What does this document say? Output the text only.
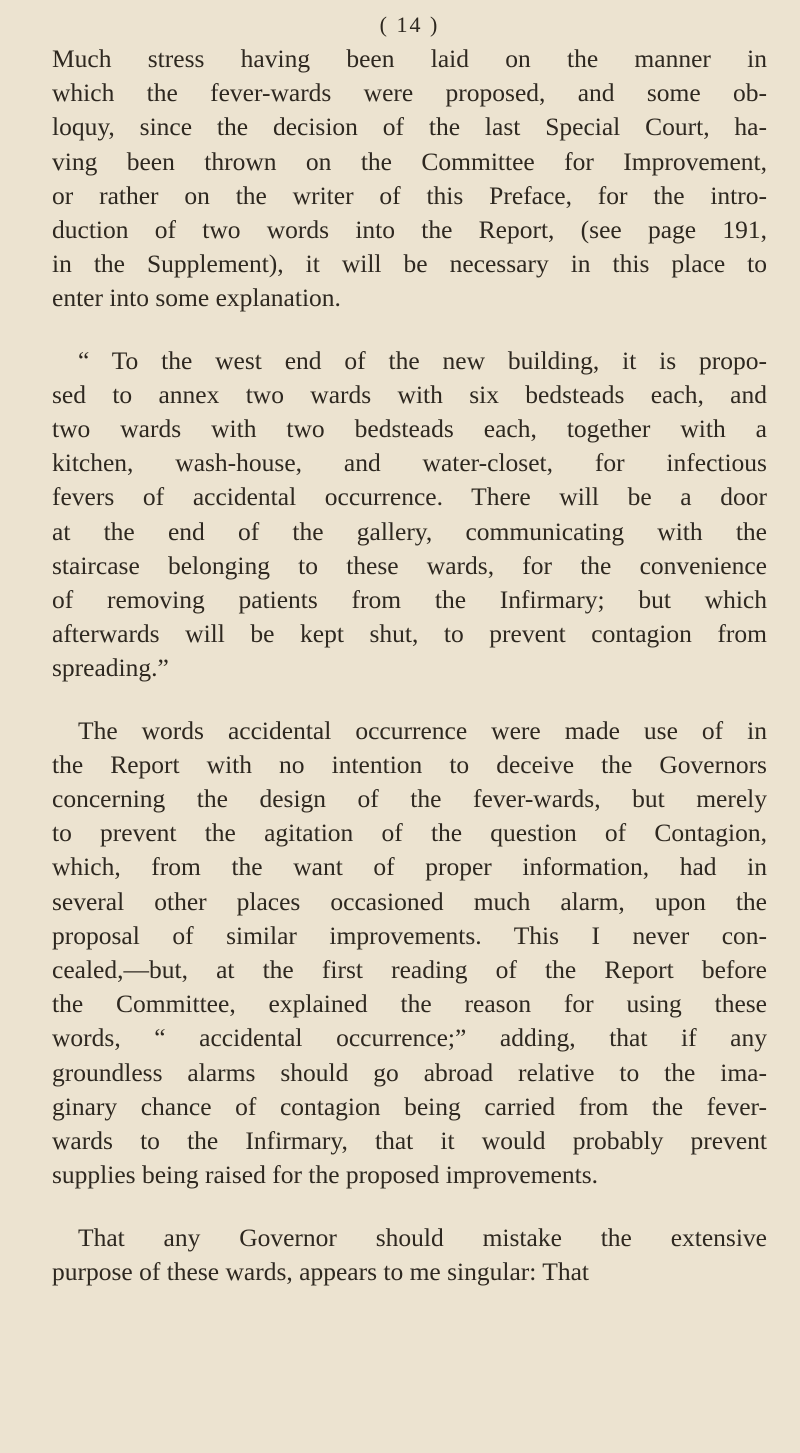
( 14 )
Much stress having been laid on the manner in
which the fever-wards were proposed, and some ob-
loquy, since the decision of the last Special Court, ha-
ving been thrown on the Committee for Improvement,
or rather on the writer of this Preface, for the intro-
duction of two words into the Report, (see page 191,
in the Supplement), it will be necessary in this place to
enter into some explanation.
“ To the west end of the new building, it is propo-
sed to annex two wards with six bedsteads each, and
two wards with two bedsteads each, together with a
kitchen, wash-house, and water-closet, for infectious
fevers of accidental occurrence. There will be a door
at the end of the gallery, communicating with the
staircase belonging to these wards, for the convenience
of removing patients from the Infirmary; but which
afterwards will be kept shut, to prevent contagion from
spreading.”
The words accidental occurrence were made use of in
the Report with no intention to deceive the Governors
concerning the design of the fever-wards, but merely
to prevent the agitation of the question of Contagion,
which, from the want of proper information, had in
several other places occasioned much alarm, upon the
proposal of similar improvements. This I never con-
cealed,—but, at the first reading of the Report before
the Committee, explained the reason for using these
words, “ accidental occurrence;” adding, that if any
groundless alarms should go abroad relative to the ima-
ginary chance of contagion being carried from the fever-
wards to the Infirmary, that it would probably prevent
supplies being raised for the proposed improvements.
That any Governor should mistake the extensive
purpose of these wards, appears to me singular: That
